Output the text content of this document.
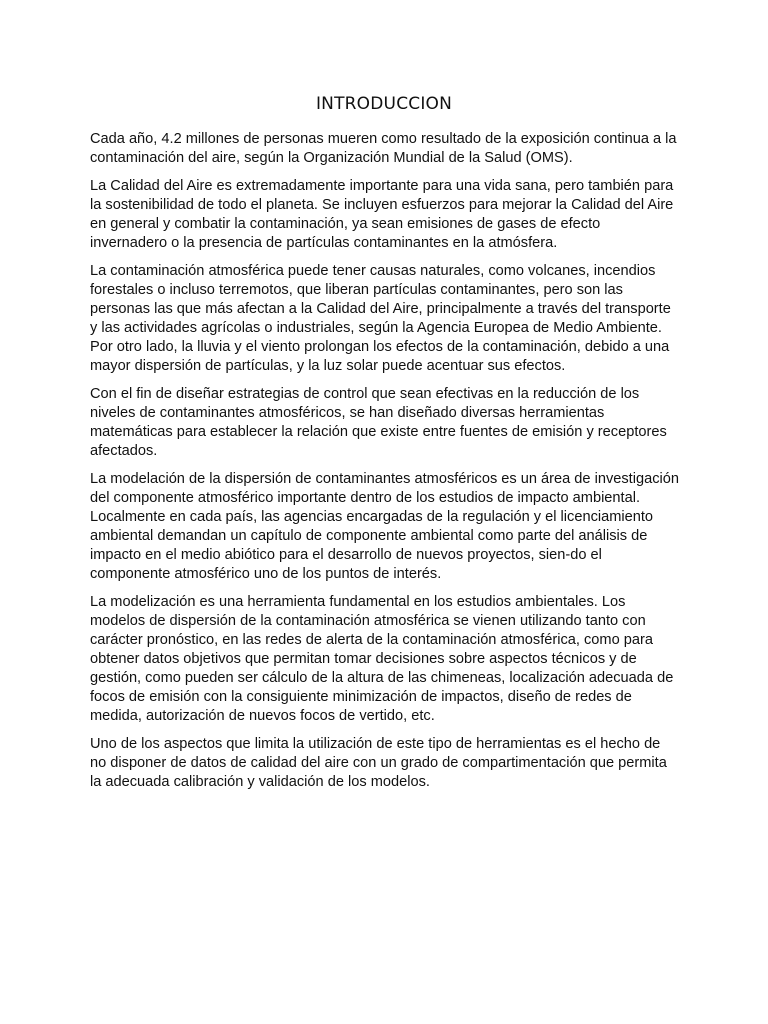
INTRODUCCION

Cada año, 4.2 millones de personas mueren como resultado de la exposición continua a la contaminación del aire, según la Organización Mundial de la Salud (OMS).

La Calidad del Aire es extremadamente importante para una vida sana, pero también para la sostenibilidad de todo el planeta. Se incluyen esfuerzos para mejorar la Calidad del Aire en general y combatir la contaminación, ya sean emisiones de gases de efecto invernadero o la presencia de partículas contaminantes en la atmósfera.

La contaminación atmosférica puede tener causas naturales, como volcanes, incendios forestales o incluso terremotos, que liberan partículas contaminantes, pero son las personas las que más afectan a la Calidad del Aire, principalmente a través del transporte y las actividades agrícolas o industriales, según la Agencia Europea de Medio Ambiente. Por otro lado, la lluvia y el viento prolongan los efectos de la contaminación, debido a una mayor dispersión de partículas, y la luz solar puede acentuar sus efectos.

Con el fin de diseñar estrategias de control que sean efectivas en la reducción de los niveles de contaminantes atmosféricos, se han diseñado diversas herramientas matemáticas para establecer la relación que existe entre fuentes de emisión y receptores afectados.

La modelación de la dispersión de contaminantes atmosféricos es un área de investigación del componente atmosférico importante dentro de los estudios de impacto ambiental. Localmente en cada país, las agencias encargadas de la regulación y el licenciamiento ambiental demandan un capítulo de componente ambiental como parte del análisis de impacto en el medio abiótico para el desarrollo de nuevos proyectos, sien-do el componente atmosférico uno de los puntos de interés.

La modelización es una herramienta fundamental en los estudios ambientales. Los modelos de dispersión de la contaminación atmosférica se vienen utilizando tanto con carácter pronóstico, en las redes de alerta de la contaminación atmosférica, como para obtener datos objetivos que permitan tomar decisiones sobre aspectos técnicos y de gestión, como pueden ser cálculo de la altura de las chimeneas, localización adecuada de focos de emisión con la consiguiente minimización de impactos, diseño de redes de medida, autorización de nuevos focos de vertido, etc.

Uno de los aspectos que limita la utilización de este tipo de herramientas es el hecho de no disponer de datos de calidad del aire con un grado de compartimentación que permita la adecuada calibración y validación de los modelos.
